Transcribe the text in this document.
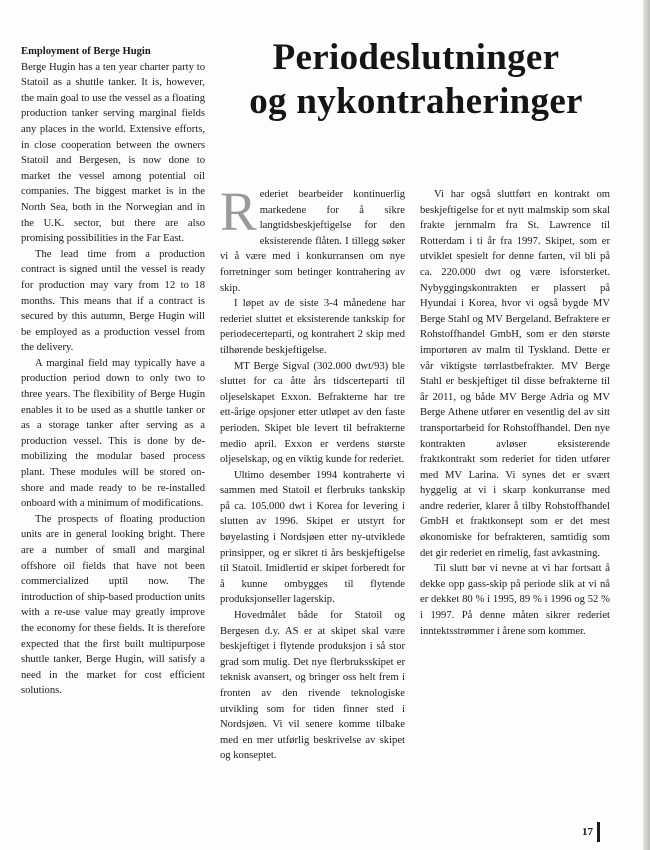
Employment of Berge Hugin

Berge Hugin has a ten year charter party to Statoil as a shuttle tanker. It is, however, the main goal to use the vessel as a floating production tanker serving marginal fields any places in the world. Extensive efforts, in close cooperation between the owners Statoil and Bergesen, is now done to market the vessel among potential oil companies. The biggest market is in the North Sea, both in the Norwegian and in the U.K. sector, but there are also promising possibilities in the Far East.

The lead time from a production contract is signed until the vessel is ready for production may vary from 12 to 18 months. This means that if a contract is secured by this autumn, Berge Hugin will be employed as a production vessel from the delivery.

A marginal field may typically have a production period down to only two to three years. The flexibility of Berge Hugin enables it to be used as a shuttle tanker or as a storage tanker after serving as a production vessel. This is done by de-mobilizing the modular based process plant. These modules will be stored on-shore and made ready to be re-installed onboard with a minimum of modifications.

The prospects of floating production units are in general looking bright. There are a number of small and marginal offshore oil fields that have not been commercialized uptil now. The introduction of ship-based production units with a re-use value may greatly improve the economy for these fields. It is therefore expected that the first built multipurpose shuttle tanker, Berge Hugin, will satisfy a need in the market for cost efficient solutions.

Periodeslutninger
og nykontraheringer

Rederiet bearbeider kontinuerlig markedene for å sikre langtidsbeskjeftigelse for den eksisterende flåten. I tillegg søker vi å være med i konkurransen om nye forretninger som betinger kontrahering av skip.

I løpet av de siste 3-4 månedene har rederiet sluttet et eksisterende tankskip for periodecerteparti, og kontrahert 2 skip med tilhørende beskjeftigelse.

MT Berge Sigval (302.000 dwt/93) ble sluttet for ca åtte års tidscerteparti til oljeselskapet Exxon. Befrakterne har tre ett-årige opsjoner etter utløpet av den faste perioden. Skipet ble levert til befrakterne medio april. Exxon er verdens største oljeselskap, og en viktig kunde for rederiet.

Ultimo desember 1994 kontraherte vi sammen med Statoil et flerbruks tankskip på ca. 105.000 dwt i Korea for levering i slutten av 1996. Skipet er utstyrt for bøyelasting i Nordsjøen etter ny-utviklede prinsipper, og er sikret ti års beskjeftigelse til Statoil. Imidlertid er skipet forberedt for å kunne ombygges til flytende produksjonseller lagerskip.

Hovedmålet både for Statoil og Bergesen d.y. AS er at skipet skal være beskjeftiget i flytende produksjon i så stor grad som mulig. Det nye flerbruksskipet er teknisk avansert, og bringer oss helt frem i fronten av den rivende teknologiske utvikling som for tiden finner sted i Nordsjøen. Vi vil senere komme tilbake med en mer utførlig beskrivelse av skipet og konseptet.

Vi har også sluttført en kontrakt om beskjeftigelse for et nytt malmskip som skal frakte jernmalm fra St. Lawrence til Rotterdam i ti år fra 1997. Skipet, som er utviklet spesielt for denne farten, vil bli på ca. 220.000 dwt og være isforsterket. Nybyggingskontrakten er plassert på Hyundai i Korea, hvor vi også bygde MV Berge Stahl og MV Bergeland. Befraktere er Rohstoffhandel GmbH, som er den største importøren av malm til Tyskland. Dette er vår viktigste tørrlastbefrakter. MV Berge Stahl er beskjeftiget til disse befrakterne til år 2011, og både MV Berge Adria og MV Berge Athene utfører en vesentlig del av sitt transportarbeid for Rohstoffhandel. Den nye kontrakten avløser eksisterende fraktkontrakt som rederiet for tiden utfører med MV Larina. Vi synes det er svært hyggelig at vi i skarp konkurranse med andre rederier, klarer å tilby Rohstoffhandel GmbH et fraktkonsept som er det mest økonomiske for befrakteren, samtidig som det gir rederiet en rimelig, fast avkastning.

Til slutt bør vi nevne at vi har fortsatt å dekke opp gass-skip på periode slik at vi nå er dekket 80 % i 1995, 89 % i 1996 og 52 % i 1997. På denne måten sikrer rederiet inntektsstrømmer i årene som kommer.

17
